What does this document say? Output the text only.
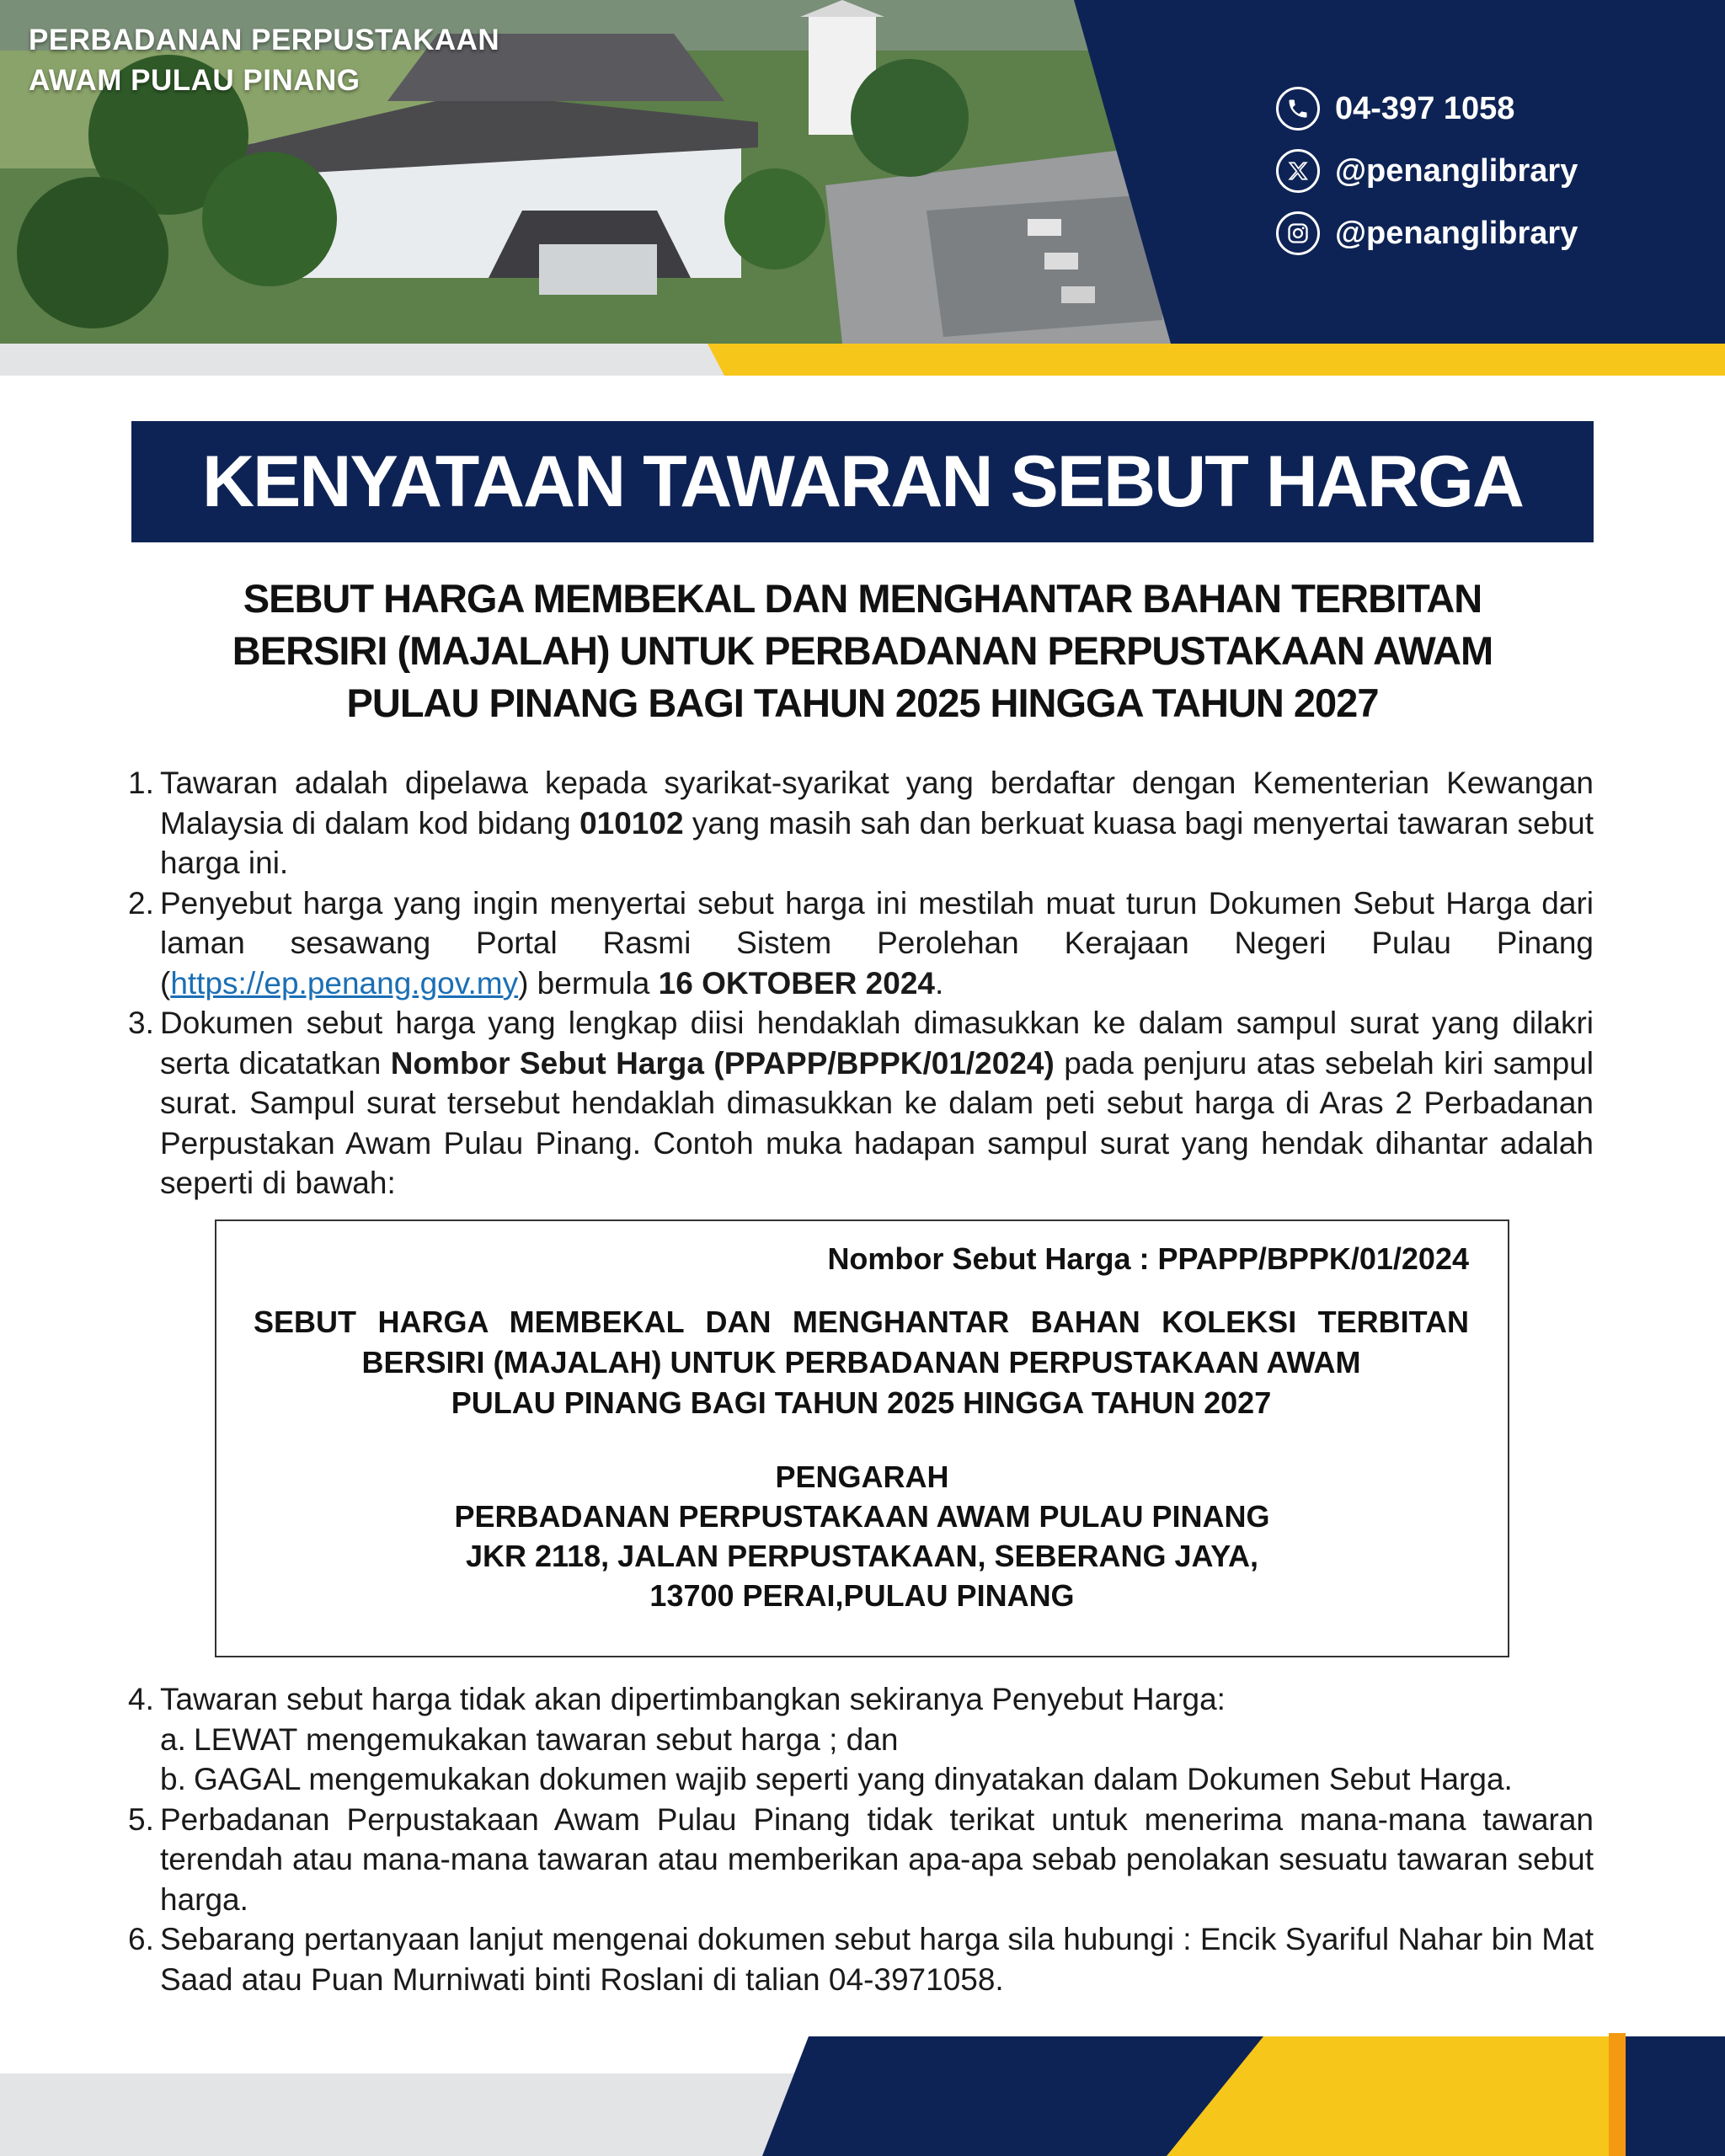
PERBADANAN PERPUSTAKAAN
AWAM PULAU PINANG
04-397 1058
@penanglibrary
@penanglibrary
KENYATAAN TAWARAN SEBUT HARGA
SEBUT HARGA MEMBEKAL DAN MENGHANTAR BAHAN TERBITAN
BERSIRI (MAJALAH) UNTUK PERBADANAN PERPUSTAKAAN AWAM
PULAU PINANG BAGI TAHUN 2025 HINGGA TAHUN 2027
1. Tawaran adalah dipelawa kepada syarikat-syarikat yang berdaftar dengan Kementerian Kewangan Malaysia di dalam kod bidang 010102 yang masih sah dan berkuat kuasa bagi menyertai tawaran sebut harga ini.
2. Penyebut harga yang ingin menyertai sebut harga ini mestilah muat turun Dokumen Sebut Harga dari laman sesawang Portal Rasmi Sistem Perolehan Kerajaan Negeri Pulau Pinang (https://ep.penang.gov.my) bermula 16 OKTOBER 2024.
3. Dokumen sebut harga yang lengkap diisi hendaklah dimasukkan ke dalam sampul surat yang dilakri serta dicatatkan Nombor Sebut Harga (PPAPP/BPPK/01/2024) pada penjuru atas sebelah kiri sampul surat. Sampul surat tersebut hendaklah dimasukkan ke dalam peti sebut harga di Aras 2 Perbadanan Perpustakan Awam Pulau Pinang. Contoh muka hadapan sampul surat yang hendak dihantar adalah seperti di bawah:
Nombor Sebut Harga : PPAPP/BPPK/01/2024
SEBUT HARGA MEMBEKAL DAN MENGHANTAR BAHAN KOLEKSI TERBITAN
BERSIRI (MAJALAH) UNTUK PERBADANAN PERPUSTAKAAN AWAM
PULAU PINANG BAGI TAHUN 2025 HINGGA TAHUN 2027
PENGARAH
PERBADANAN PERPUSTAKAAN AWAM PULAU PINANG
JKR 2118, JALAN PERPUSTAKAAN, SEBERANG JAYA,
13700 PERAI,PULAU PINANG
4. Tawaran sebut harga tidak akan dipertimbangkan sekiranya Penyebut Harga:
a. LEWAT mengemukakan tawaran sebut harga ; dan
b. GAGAL mengemukakan dokumen wajib seperti yang dinyatakan dalam Dokumen Sebut Harga.
5. Perbadanan Perpustakaan Awam Pulau Pinang tidak terikat untuk menerima mana-mana tawaran terendah atau mana-mana tawaran atau memberikan apa-apa sebab penolakan sesuatu tawaran sebut harga.
6. Sebarang pertanyaan lanjut mengenai dokumen sebut harga sila hubungi : Encik Syariful Nahar bin Mat Saad atau Puan Murniwati binti Roslani di talian 04-3971058.
